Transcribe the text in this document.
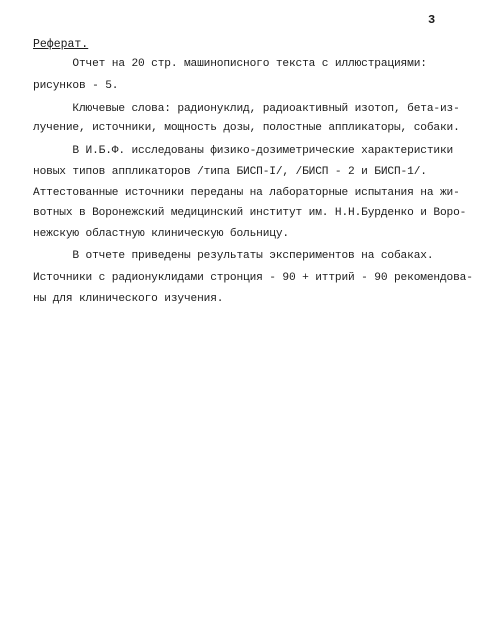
3
Реферат.
Отчет на 20 стр. машинописного текста с иллюстрациями:
рисунков - 5.
Ключевые слова: радионуклид, радиоактивный изотоп, бета-из-
лучение, источники, мощность дозы, полостные аппликаторы, собаки.
В И.Б.Ф. исследованы физико-дозиметрические характеристики
новых типов аппликаторов /типа БИСП-I/, /БИСП - 2 и БИСП-1/.
Аттестованные источники переданы на лабораторные испытания на жи-
вотных в Воронежский медицинский институт им. Н.Н.Бурденко и Воро-
нежскую областную клиническую больницу.
В отчете приведены результаты экспериментов на собаках.
Источники с радионуклидами стронция - 90 + иттрий - 90 рекомендова-
ны для клинического изучения.
